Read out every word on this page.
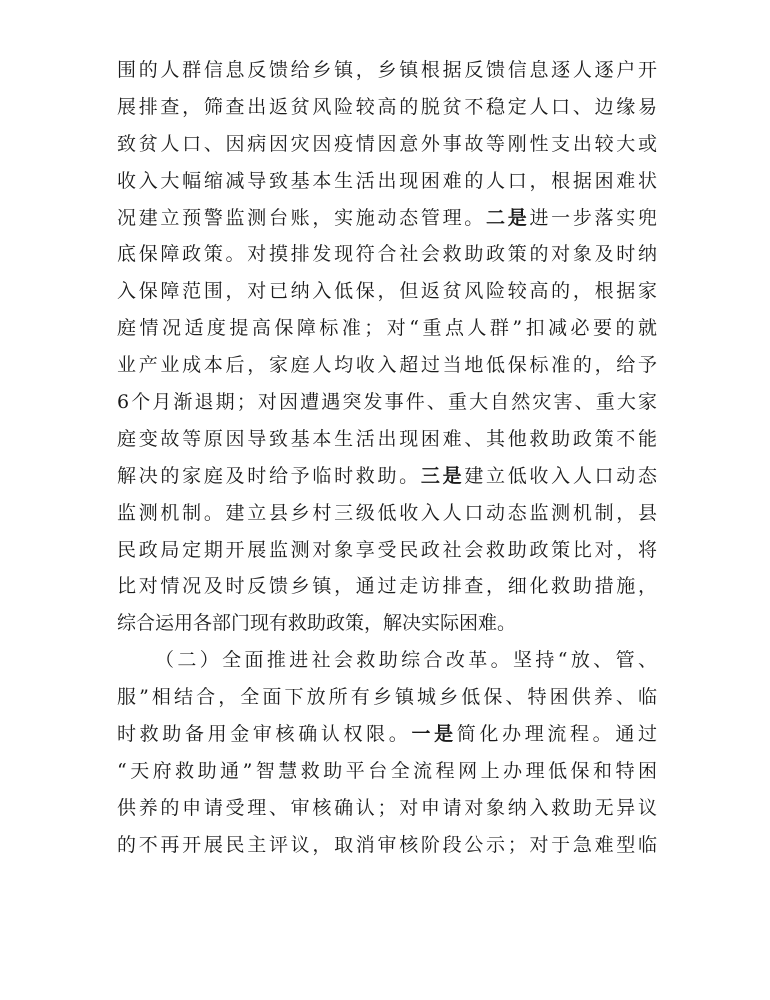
围的人群信息反馈给乡镇，乡镇根据反馈信息逐人逐户开
展排查，筛查出返贫风险较高的脱贫不稳定人口、边缘易
致贫人口、因病因灾因疫情因意外事故等刚性支出较大或
收入大幅缩减导致基本生活出现困难的人口，根据困难状
况建立预警监测台账，实施动态管理。二是进一步落实兜
底保障政策。对摸排发现符合社会救助政策的对象及时纳
入保障范围，对已纳入低保，但返贫风险较高的，根据家
庭情况适度提高保障标准；对“重点人群”扣减必要的就
业产业成本后，家庭人均收入超过当地低保标准的，给予
6个月渐退期；对因遭遇突发事件、重大自然灾害、重大家
庭变故等原因导致基本生活出现困难、其他救助政策不能
解决的家庭及时给予临时救助。三是建立低收入人口动态
监测机制。建立县乡村三级低收入人口动态监测机制，县
民政局定期开展监测对象享受民政社会救助政策比对，将
比对情况及时反馈乡镇，通过走访排查，细化救助措施，
综合运用各部门现有救助政策，解决实际困难。
（二）全面推进社会救助综合改革。坚持“放、管、
服”相结合，全面下放所有乡镇城乡低保、特困供养、临
时救助备用金审核确认权限。一是简化办理流程。通过
“天府救助通”智慧救助平台全流程网上办理低保和特困
供养的申请受理、审核确认；对申请对象纳入救助无异议
的不再开展民主评议，取消审核阶段公示；对于急难型临
